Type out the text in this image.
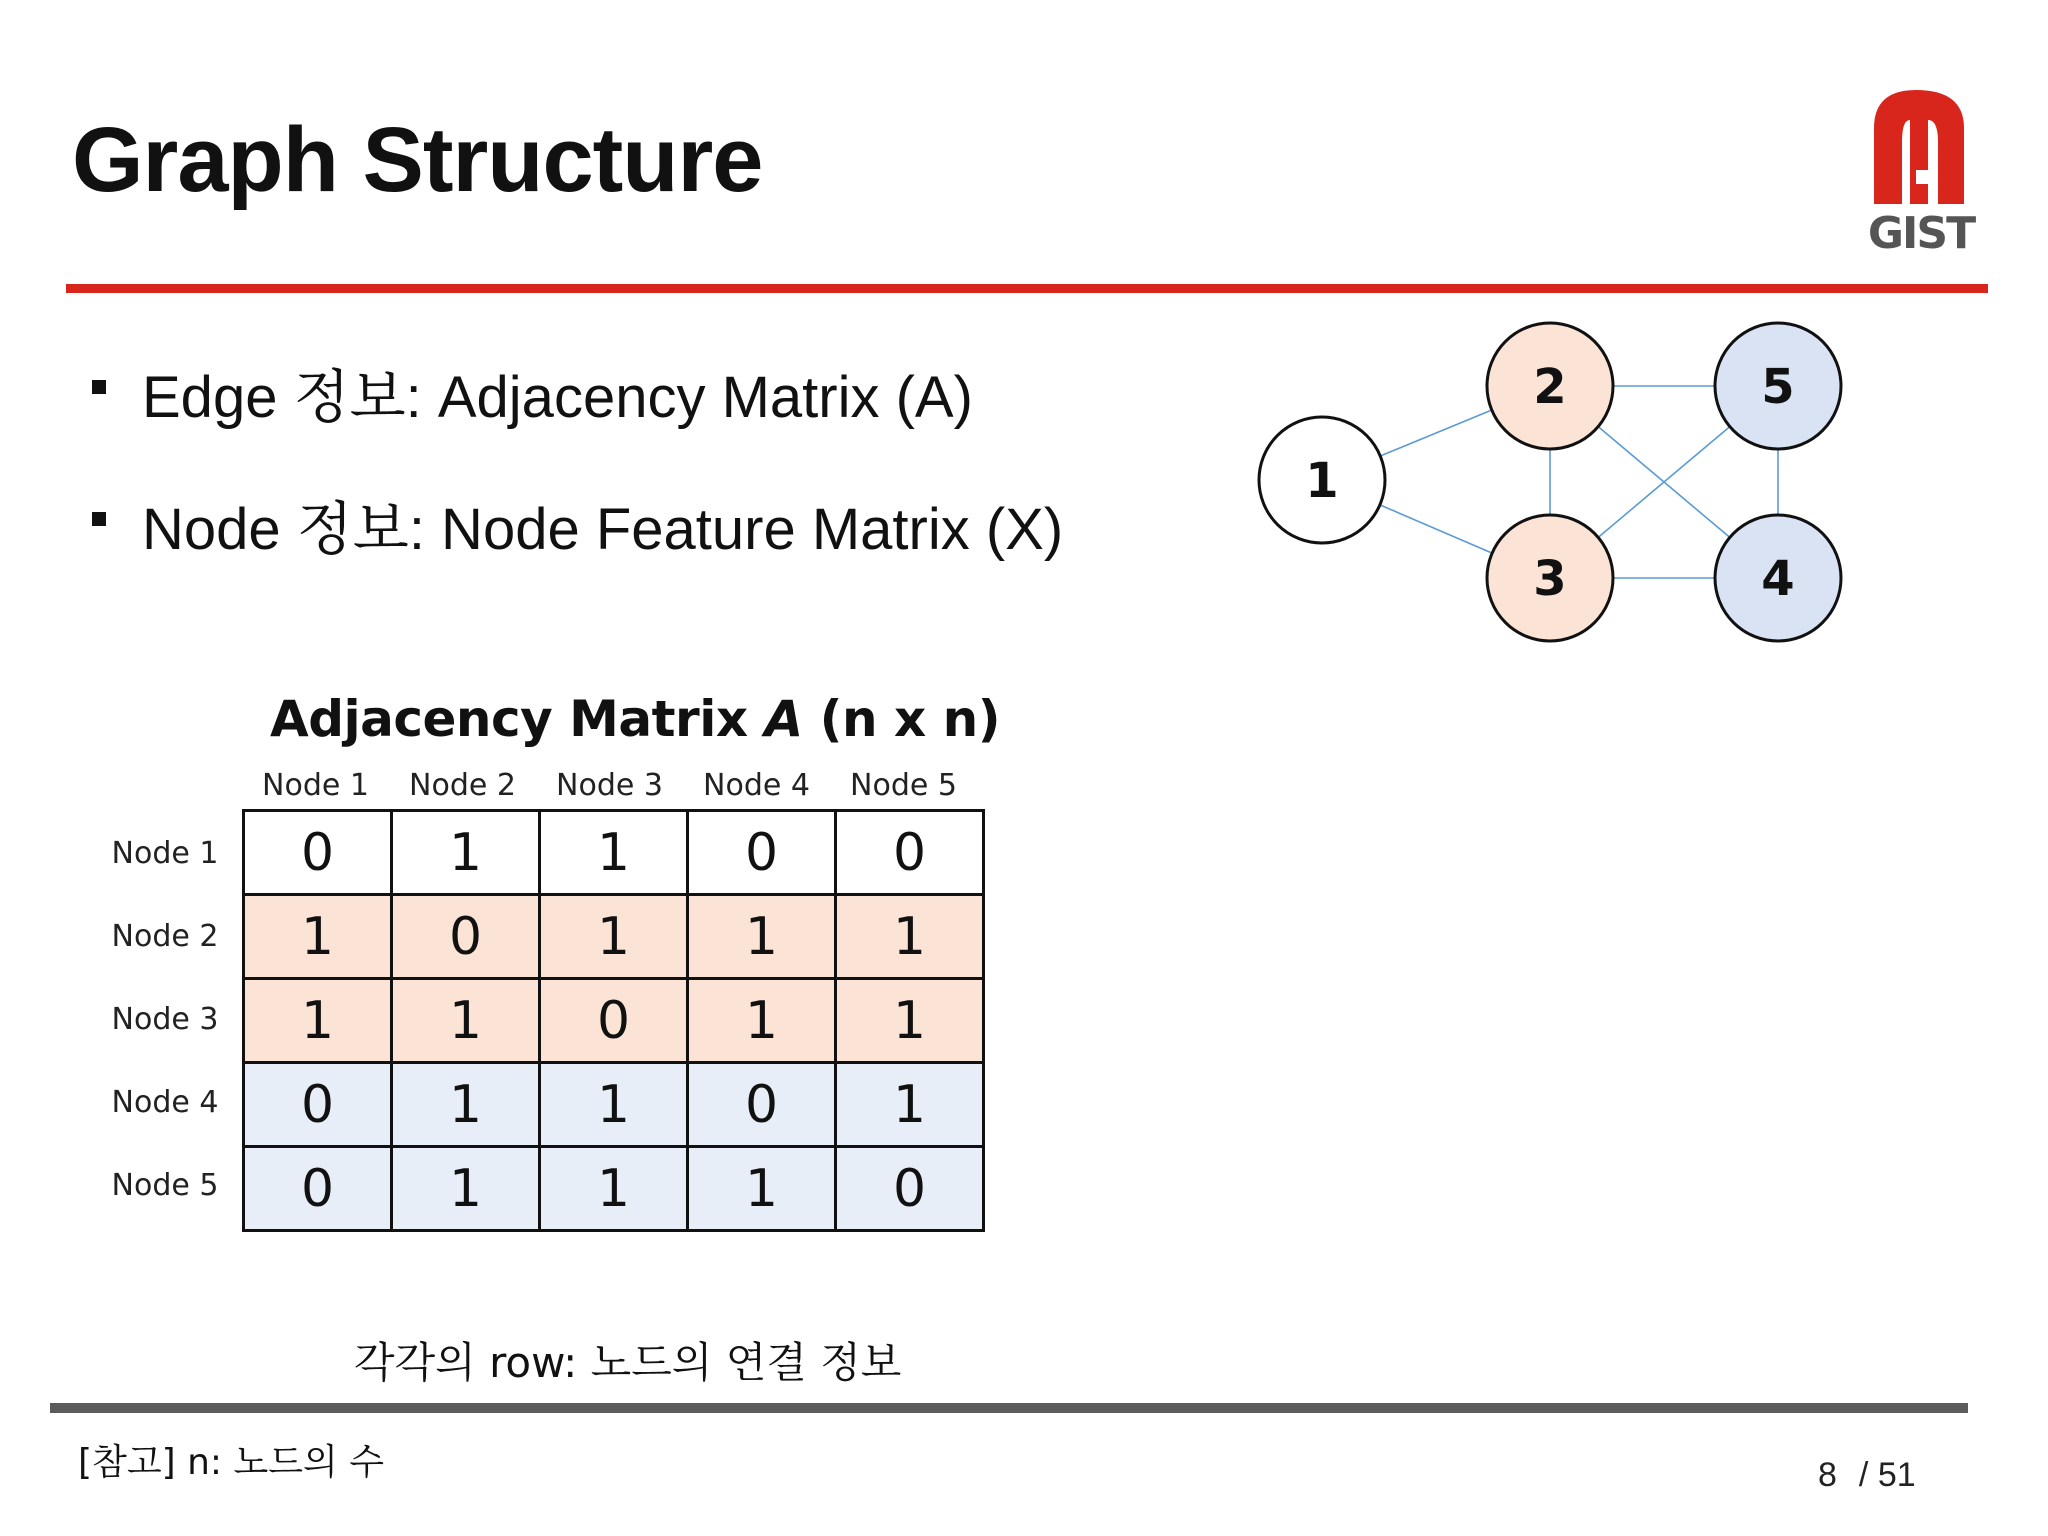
Graph Structure
GIST
Edge 정보: Adjacency Matrix (A)
Node 정보: Node Feature Matrix (X)
1
2
3	4
5
Adjacency Matrix A (n x n)
Node 1	Node 2	Node 3	Node 4	Node 5
Node 1
Node 2
Node 3
Node 4
Node 5
0	1	1	0	0
1	0	1	1	1
1	1	0	1	1
0	1	1	0	1
0	1	1	1	0
각각의 row: 노드의 연결 정보
[참고] n: 노드의 수	8 / 51
